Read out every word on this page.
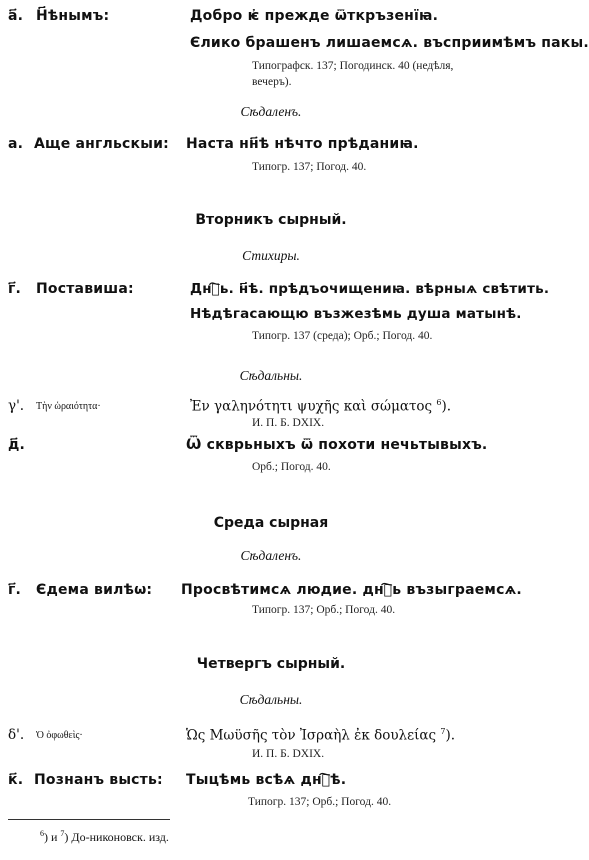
а҃. Н҃ѣнымъ:	Добро ѥ҆ прежде ѿткръзенїꙗ.
Єлико брашенъ лишаемсѧ. въсприимѣмъ пакы.
Типографск. 137; Погодинск. 40 (недѣля,
вечеръ).
Сѣдаленъ.
а. Аще англьскыи: Наста нн҃ѣ нѣчто прѣданиꙗ.
Типогр. 137; Погод. 40.
Вторникъ сырный.
Стихиры.
г҃. Поставиша:	Днⷭ҇ь. н҃ѣ. прѣдъочищениꙗ. вѣрныѧ свѣтить.
Нѣдѣгасающю възжезѣмь душа матынѣ.
Типогр. 137 (среда); Орб.; Погод. 40.
Сѣдальны.
γ'. Τὴν ὡραιότητα·	Ἐν γαληνότητι ψυχῆς καὶ σώματος $^6$).
И. П. Б. DXIX.
д҃.	Ѿ скврьныхъ ѿ похоти нечьтывыхъ.
Орб.; Погод. 40.
Среда сырная
Сѣдаленъ.
г҃. Єдема вилѣѡ: Просвѣтимсѧ людие. днⷭ҇ь възыграемсѧ.
Типогр. 137; Орб.; Погод. 40.
Четвергъ сырный.
Сѣдальны.
δ'. Ὁ ὀφωθεὶς·	Ὡς Μωϋσῆς τὸν Ἰσραὴλ ἐκ δουλείας $^7$).
И. П. Б. DXIX.
к҃. Познанъ высть: Тыцѣмь всѣѧ днⷭ҇ѣ.
Типогр. 137; Орб.; Погод. 40.
$^6$) и $^7$) До-никоновск. изд.
